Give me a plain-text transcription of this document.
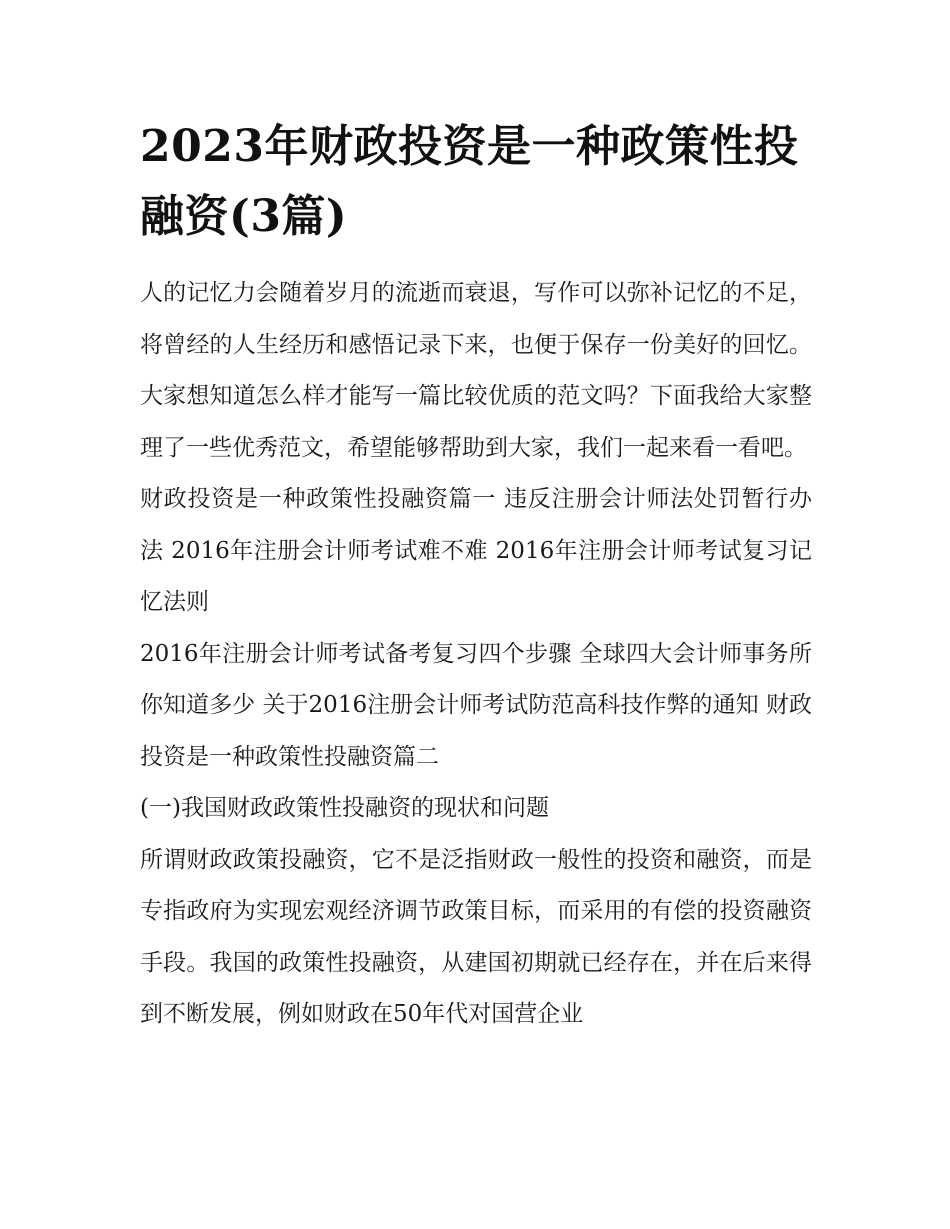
2023年财政投资是一种政策性投融资(3篇)

人的记忆力会随着岁月的流逝而衰退，写作可以弥补记忆的不足，将曾经的人生经历和感悟记录下来，也便于保存一份美好的回忆。大家想知道怎么样才能写一篇比较优质的范文吗？下面我给大家整理了一些优秀范文，希望能够帮助到大家，我们一起来看一看吧。

财政投资是一种政策性投融资篇一 违反注册会计师法处罚暂行办法 2016年注册会计师考试难不难 2016年注册会计师考试复习记忆法则

2016年注册会计师考试备考复习四个步骤 全球四大会计师事务所你知道多少 关于2016注册会计师考试防范高科技作弊的通知 财政投资是一种政策性投融资篇二

(一)我国财政政策性投融资的现状和问题

所谓财政政策投融资，它不是泛指财政一般性的投资和融资，而是专指政府为实现宏观经济调节政策目标，而采用的有偿的投资融资手段。我国的政策性投融资，从建国初期就已经存在，并在后来得到不断发展，例如财政在50年代对国营企业
